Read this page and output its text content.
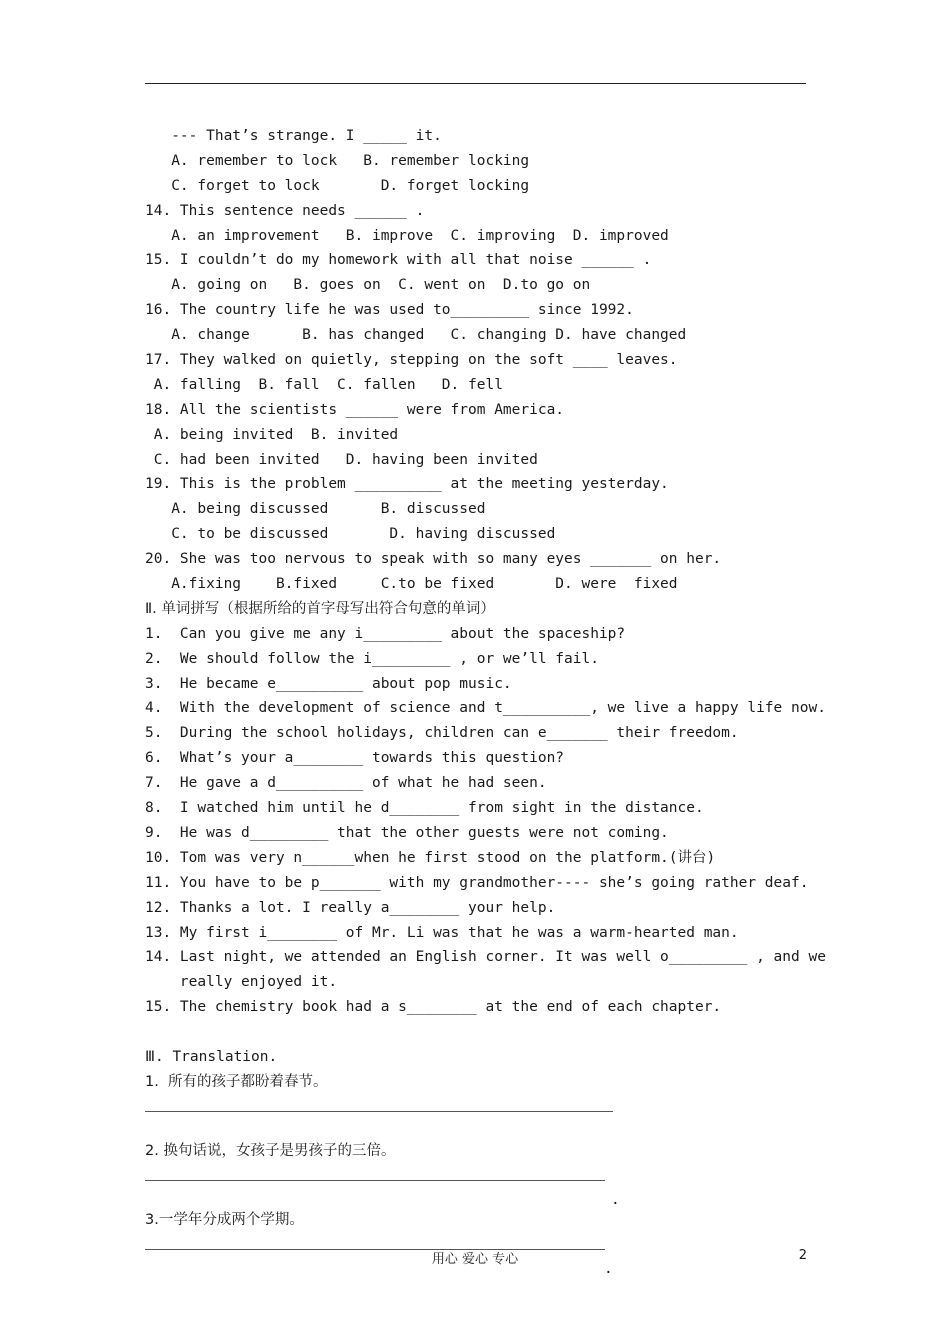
--- That’s strange. I _____ it.
A. remember to lock   B. remember locking
C. forget to lock       D. forget locking
14. This sentence needs ______ .
A. an improvement   B. improve  C. improving  D. improved
15. I couldn’t do my homework with all that noise ______ .
A. going on   B. goes on  C. went on  D.to go on
16. The country life he was used to_________ since 1992.
A. change      B. has changed   C. changing D. have changed
17. They walked on quietly, stepping on the soft ____ leaves.
A. falling  B. fall  C. fallen   D. fell
18. All the scientists ______ were from America.
A. being invited  B. invited
C. had been invited   D. having been invited
19. This is the problem __________ at the meeting yesterday.
A. being discussed      B. discussed
C. to be discussed       D. having discussed
20. She was too nervous to speak with so many eyes _______ on her.
A.fixing    B.fixed     C.to be fixed       D. were  fixed
Ⅱ. 单词拼写（根据所给的首字母写出符合句意的单词）
1.  Can you give me any i_________ about the spaceship?
2.  We should follow the i_________ , or we’ll fail.
3.  He became e__________ about pop music.
4.  With the development of science and t__________, we live a happy life now.
5.  During the school holidays, children can e_______ their freedom.
6.  What’s your a________ towards this question?
7.  He gave a d__________ of what he had seen.
8.  I watched him until he d________ from sight in the distance.
9.  He was d_________ that the other guests were not coming.
10. Tom was very n______when he first stood on the platform.(讲台)
11. You have to be p_______ with my grandmother---- she’s going rather deaf.
12. Thanks a lot. I really a________ your help.
13. My first i________ of Mr. Li was that he was a warm-hearted man.
14. Last night, we attended an English corner. It was well o_________ , and we
really enjoyed it.
15. The chemistry book had a s________ at the end of each chapter.
Ⅲ. Translation.
1.  所有的孩子都盼着春节。
2. 换句话说，女孩子是男孩子的三倍。
.
3.一学年分成两个学期。
.
用心 爱心 专心	2
